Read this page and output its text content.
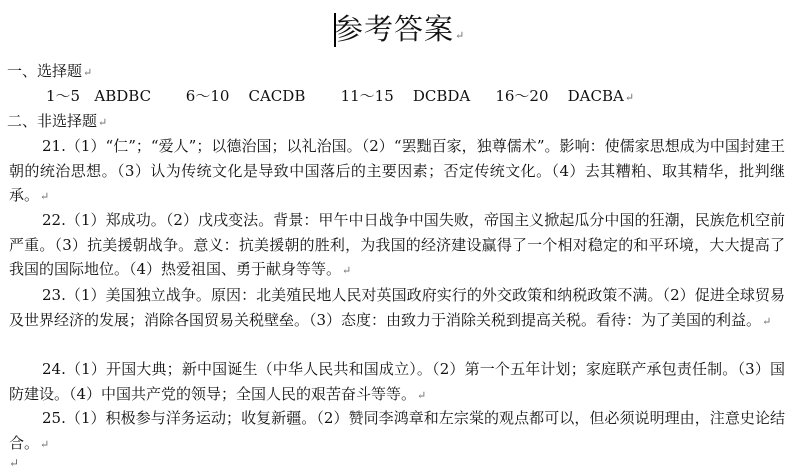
参考答案↵
一、选择题↵
1～5 ABDBC 6～10 CACDB 11～15 DCBDA 16～20 DACBA↵
二、非选择题↵

21.（1）“仁”；“爱人”；以德治国；以礼治国。（2）“罢黜百家，独尊儒术”。影响：使儒家思想成为中国封建王朝的统治思想。（3）认为传统文化是导致中国落后的主要因素；否定传统文化。（4）去其糟粕、取其精华，批判继承。↵

22.（1）郑成功。（2）戊戌变法。背景：甲午中日战争中国失败，帝国主义掀起瓜分中国的狂潮，民族危机空前严重。（3）抗美援朝战争。意义：抗美援朝的胜利，为我国的经济建设赢得了一个相对稳定的和平环境，大大提高了我国的国际地位。（4）热爱祖国、勇于献身等等。↵

23.（1）美国独立战争。原因：北美殖民地人民对英国政府实行的外交政策和纳税政策不满。（2）促进全球贸易及世界经济的发展；消除各国贸易关税壁垒。（3）态度：由致力于消除关税到提高关税。看待：为了美国的利益。↵

24.（1）开国大典；新中国诞生（中华人民共和国成立）。（2）第一个五年计划；家庭联产承包责任制。（3）国防建设。（4）中国共产党的领导；全国人民的艰苦奋斗等等。↵

25.（1）积极参与洋务运动；收复新疆。（2）赞同李鸿章和左宗棠的观点都可以，但必须说明理由，注意史论结合。↵

↵
